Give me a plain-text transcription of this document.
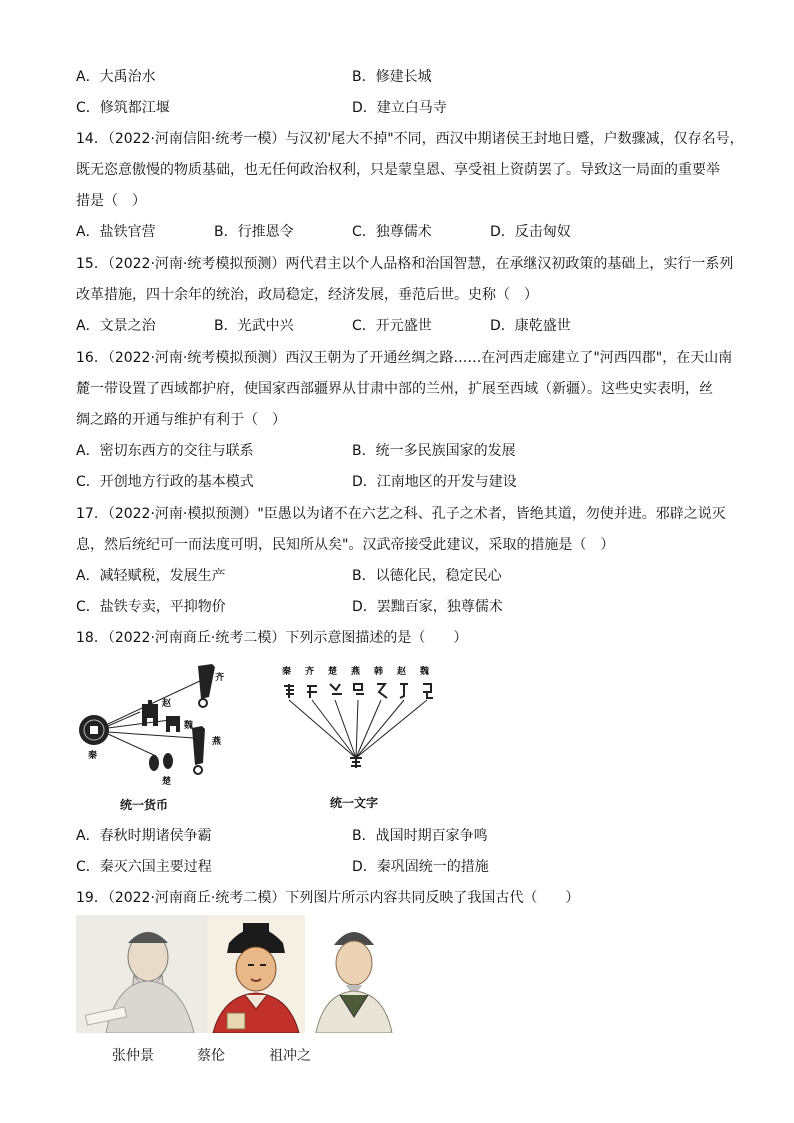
A．大禹治水	B．修建长城
C．修筑都江堰	D．建立白马寺
14．（2022·河南信阳·统考一模）与汉初'尾大不掉"不同，西汉中期诸侯王封地日蹙，户数骤减，仅存名号，
既无恣意傲慢的物质基础，也无任何政治权利，只是蒙皇恩、享受祖上资荫罢了。导致这一局面的重要举
措是（　）
A．盐铁官营	B．行推恩令	C．独尊儒术	D．反击匈奴
15．（2022·河南·统考模拟预测）两代君主以个人品格和治国智慧，在承继汉初政策的基础上，实行一系列
改革措施，四十余年的统治，政局稳定，经济发展，垂范后世。史称（　）
A．文景之治	B．光武中兴	C．开元盛世	D．康乾盛世
16．（2022·河南·统考模拟预测）西汉王朝为了开通丝绸之路……在河西走廊建立了"河西四郡"，在天山南
麓一带设置了西域都护府，使国家西部疆界从甘肃中部的兰州，扩展至西域（新疆）。这些史实表明，丝
绸之路的开通与维护有利于（　）
A．密切东西方的交往与联系	B．统一多民族国家的发展
C．开创地方行政的基本模式	D．江南地区的开发与建设
17．（2022·河南·模拟预测）"臣愚以为诸不在六艺之科、孔子之术者，皆绝其道，勿使并进。邪辟之说灭
息，然后统纪可一而法度可明，民知所从矣"。汉武帝接受此建议，采取的措施是（　）
A．减轻赋税，发展生产	B．以德化民，稳定民心
C．盐铁专卖，平抑物价	D．罢黜百家，独尊儒术
18．（2022·河南商丘·统考二模）下列示意图描述的是（　　）
齐
赵
魏
燕
秦
楚
统一货币
秦 齐 楚 燕 韩 赵 魏
统一文字
A．春秋时期诸侯争霸	B．战国时期百家争鸣
C．秦灭六国主要过程	D．秦巩固统一的措施
19．（2022·河南商丘·统考二模）下列图片所示内容共同反映了我国古代（　　）
张仲景	蔡伦	祖冲之
